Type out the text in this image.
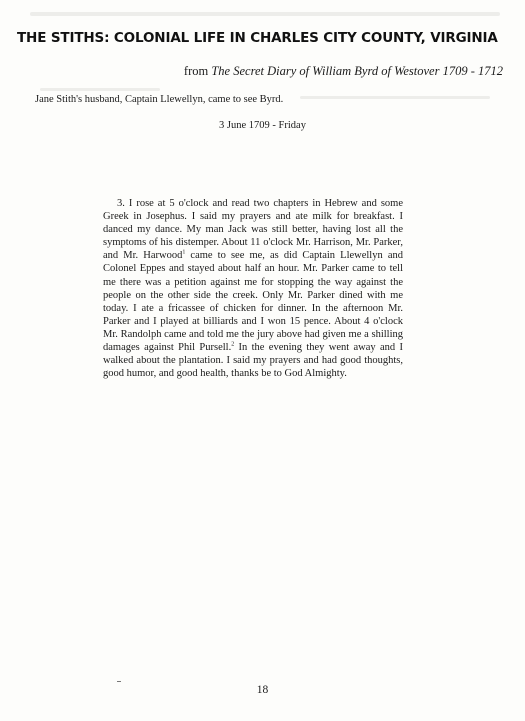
THE STITHS: COLONIAL LIFE IN CHARLES CITY COUNTY, VIRGINIA
from The Secret Diary of William Byrd of Westover 1709 - 1712
Jane Stith's husband, Captain Llewellyn, came to see Byrd.
3 June 1709 - Friday

3. I rose at 5 o'clock and read two chapters in Hebrew and some Greek in Josephus. I said my prayers and ate milk for breakfast. I danced my dance. My man Jack was still better, having lost all the symptoms of his distemper. About 11 o'clock Mr. Harrison, Mr. Parker, and Mr. Harwood$^1$ came to see me, as did Captain Llewellyn and Colonel Eppes and stayed about half an hour. Mr. Parker came to tell me there was a petition against me for stopping the way against the people on the other side the creek. Only Mr. Parker dined with me today. I ate a fricassee of chicken for dinner. In the afternoon Mr. Parker and I played at billiards and I won 15 pence. About 4 o'clock Mr. Randolph came and told me the jury above had given me a shilling damages against Phil Pursell.$^2$ In the evening they went away and I walked about the plantation. I said my prayers and had good thoughts, good humor, and good health, thanks be to God Almighty.

18
